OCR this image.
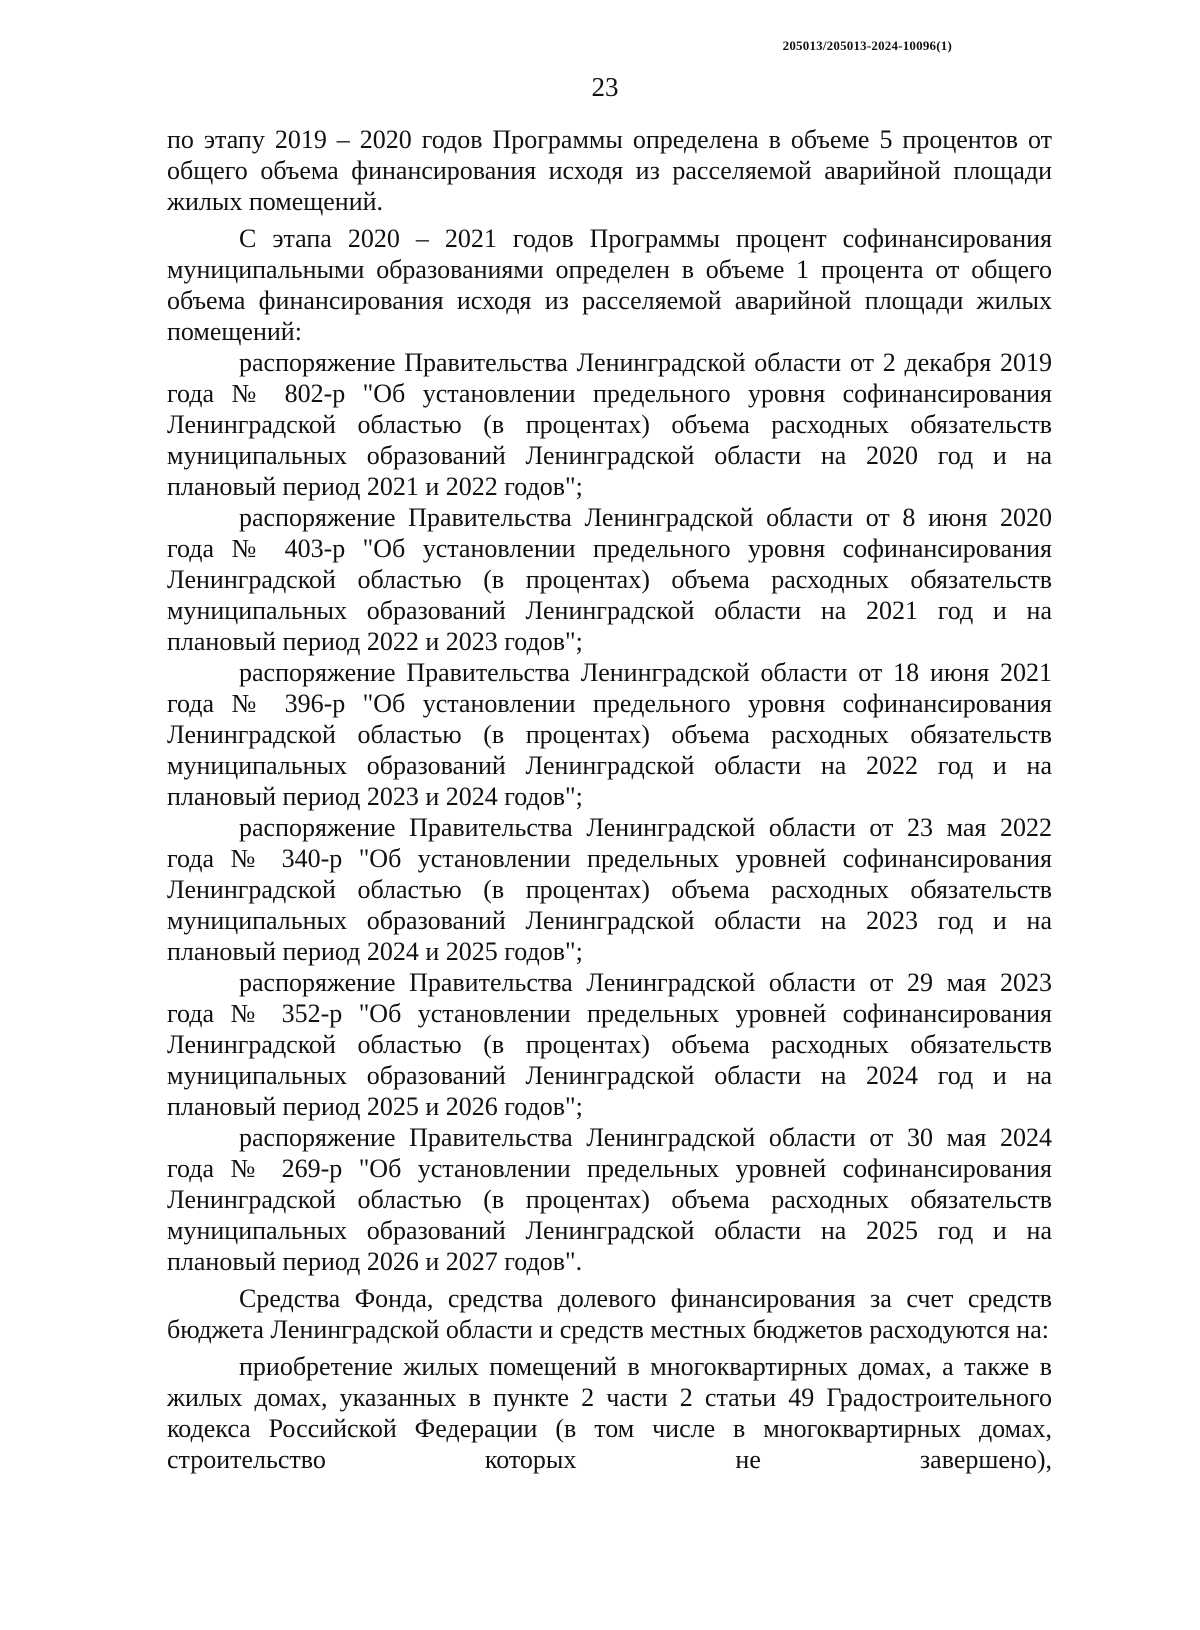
205013/205013-2024-10096(1)
23

по этапу 2019 – 2020 годов Программы определена в объеме 5 процентов от общего объема финансирования исходя из расселяемой аварийной площади жилых помещений.

С этапа 2020 – 2021 годов Программы процент софинансирования муниципальными образованиями определен в объеме 1 процента от общего объема финансирования исходя из расселяемой аварийной площади жилых помещений:

распоряжение Правительства Ленинградской области от 2 декабря 2019 года № 802-р "Об установлении предельного уровня софинансирования Ленинградской областью (в процентах) объема расходных обязательств муниципальных образований Ленинградской области на 2020 год и на плановый период 2021 и 2022 годов";

распоряжение Правительства Ленинградской области от 8 июня 2020 года № 403-р "Об установлении предельного уровня софинансирования Ленинградской областью (в процентах) объема расходных обязательств муниципальных образований Ленинградской области на 2021 год и на плановый период 2022 и 2023 годов";

распоряжение Правительства Ленинградской области от 18 июня 2021 года № 396-р "Об установлении предельного уровня софинансирования Ленинградской областью (в процентах) объема расходных обязательств муниципальных образований Ленинградской области на 2022 год и на плановый период 2023 и 2024 годов";

распоряжение Правительства Ленинградской области от 23 мая 2022 года № 340-р "Об установлении предельных уровней софинансирования Ленинградской областью (в процентах) объема расходных обязательств муниципальных образований Ленинградской области на 2023 год и на плановый период 2024 и 2025 годов";

распоряжение Правительства Ленинградской области от 29 мая 2023 года № 352-р "Об установлении предельных уровней софинансирования Ленинградской областью (в процентах) объема расходных обязательств муниципальных образований Ленинградской области на 2024 год и на плановый период 2025 и 2026 годов";

распоряжение Правительства Ленинградской области от 30 мая 2024 года № 269-р "Об установлении предельных уровней софинансирования Ленинградской областью (в процентах) объема расходных обязательств муниципальных образований Ленинградской области на 2025 год и на плановый период 2026 и 2027 годов".

Средства Фонда, средства долевого финансирования за счет средств бюджета Ленинградской области и средств местных бюджетов расходуются на:

приобретение жилых помещений в многоквартирных домах, а также в жилых домах, указанных в пункте 2 части 2 статьи 49 Градостроительного кодекса Российской Федерации (в том числе в многоквартирных домах, строительство которых не завершено),
